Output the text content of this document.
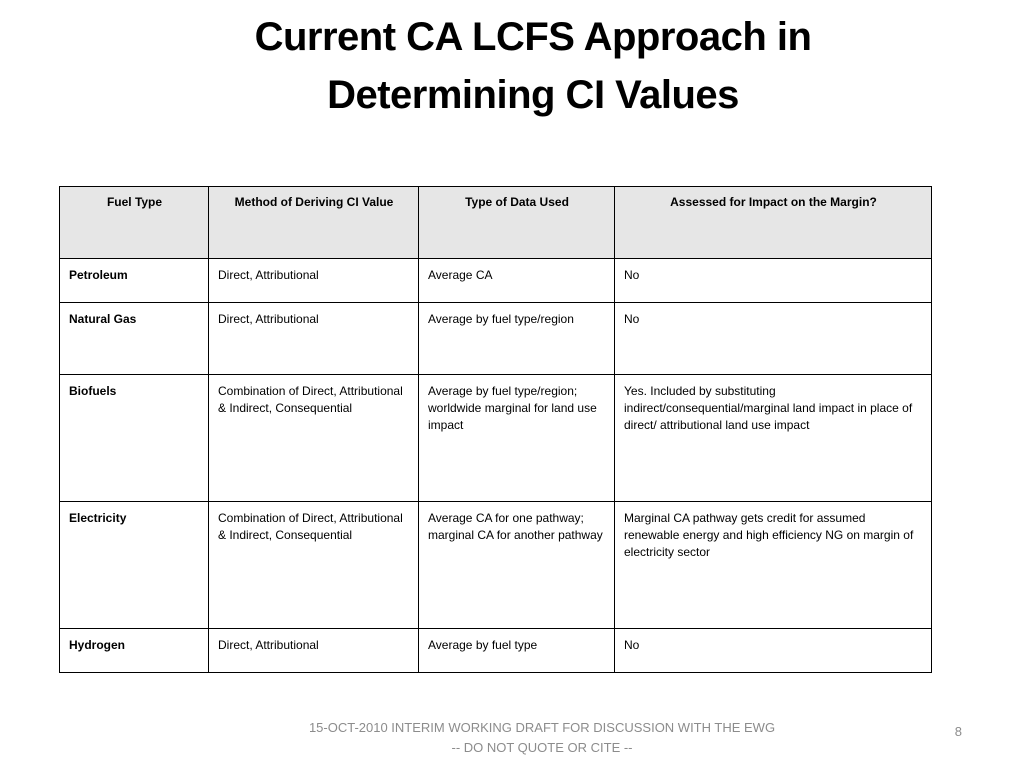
Current CA LCFS Approach in
Determining CI Values
Fuel Type	Method of Deriving CI Value	Type of Data Used	Assessed for Impact on the Margin?
Petroleum	Direct, Attributional	Average CA	No
Natural Gas	Direct, Attributional	Average by fuel type/region	No
Biofuels	Combination of Direct, Attributional & Indirect, Consequential	Average by fuel type/region; worldwide marginal for land use impact	Yes. Included by substituting indirect/consequential/marginal land impact in place of direct/ attributional land use impact
Electricity	Combination of Direct, Attributional & Indirect, Consequential	Average CA for one pathway; marginal CA for another pathway	Marginal CA pathway gets credit for assumed renewable energy and high efficiency NG on margin of electricity sector
Hydrogen	Direct, Attributional	Average by fuel type	No
15-OCT-2010 INTERIM WORKING DRAFT FOR DISCUSSION WITH THE EWG
-- DO NOT QUOTE OR CITE --
8
